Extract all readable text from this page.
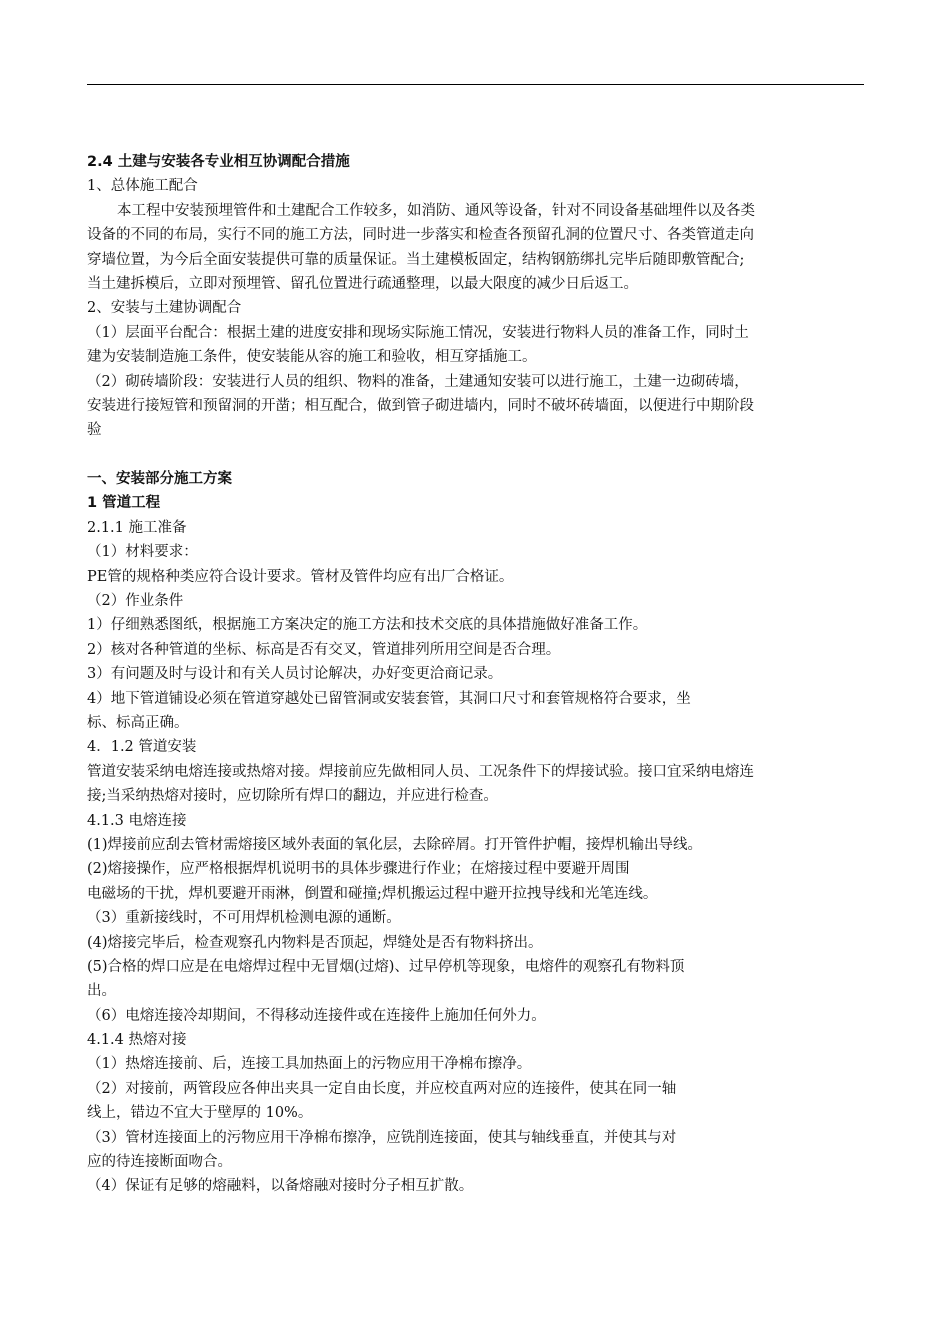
2.4 土建与安装各专业相互协调配合措施
1、总体施工配合
本工程中安装预埋管件和土建配合工作较多，如消防、通风等设备，针对不同设备基础埋件以及各类
设备的不同的布局，实行不同的施工方法，同时进一步落实和检查各预留孔洞的位置尺寸、各类管道走向
穿墙位置，为今后全面安装提供可靠的质量保证。当土建模板固定，结构钢筋绑扎完毕后随即敷管配合;
当土建拆模后，立即对预埋管、留孔位置进行疏通整理，以最大限度的减少日后返工。
2、安装与土建协调配合
（1）层面平台配合：根据土建的进度安排和现场实际施工情况，安装进行物料人员的准备工作，同时土
建为安装制造施工条件，使安装能从容的施工和验收，相互穿插施工。
（2）砌砖墙阶段：安装进行人员的组织、物料的准备，土建通知安装可以进行施工，土建一边砌砖墙，
安装进行接短管和预留洞的开凿；相互配合，做到管子砌进墙内，同时不破坏砖墙面，以便进行中期阶段
验
一、安装部分施工方案
1 管道工程
2.1.1 施工准备
（1）材料要求：
PE管的规格种类应符合设计要求。管材及管件均应有出厂合格证。
（2）作业条件
1）仔细熟悉图纸，根据施工方案决定的施工方法和技术交底的具体措施做好准备工作。
2）核对各种管道的坐标、标高是否有交叉，管道排列所用空间是否合理。
3）有问题及时与设计和有关人员讨论解决，办好变更洽商记录。
4）地下管道铺设必须在管道穿越处已留管洞或安装套管，其洞口尺寸和套管规格符合要求，坐
标、标高正确。
4．1.2 管道安装
管道安装采纳电熔连接或热熔对接。焊接前应先做相同人员、工况条件下的焊接试验。接口宜采纳电熔连
接;当采纳热熔对接时，应切除所有焊口的翻边，并应进行检查。
4.1.3 电熔连接
(1)焊接前应刮去管材需熔接区域外表面的氧化层，去除碎屑。打开管件护帽，接焊机输出导线。
(2)熔接操作，应严格根据焊机说明书的具体步骤进行作业；在熔接过程中要避开周围
电磁场的干扰，焊机要避开雨淋，倒置和碰撞;焊机搬运过程中避开拉拽导线和光笔连线。
（3）重新接线时，不可用焊机检测电源的通断。
(4)熔接完毕后，检查观察孔内物料是否顶起，焊缝处是否有物料挤出。
(5)合格的焊口应是在电熔焊过程中无冒烟(过熔)、过早停机等现象，电熔件的观察孔有物料顶
出。
（6）电熔连接冷却期间，不得移动连接件或在连接件上施加任何外力。
4.1.4 热熔对接
（1）热熔连接前、后，连接工具加热面上的污物应用干净棉布擦净。
（2）对接前，两管段应各伸出夹具一定自由长度，并应校直两对应的连接件，使其在同一轴
线上，错边不宜大于壁厚的 10%。
（3）管材连接面上的污物应用干净棉布擦净，应铣削连接面，使其与轴线垂直，并使其与对
应的待连接断面吻合。
（4）保证有足够的熔融料，以备熔融对接时分子相互扩散。
